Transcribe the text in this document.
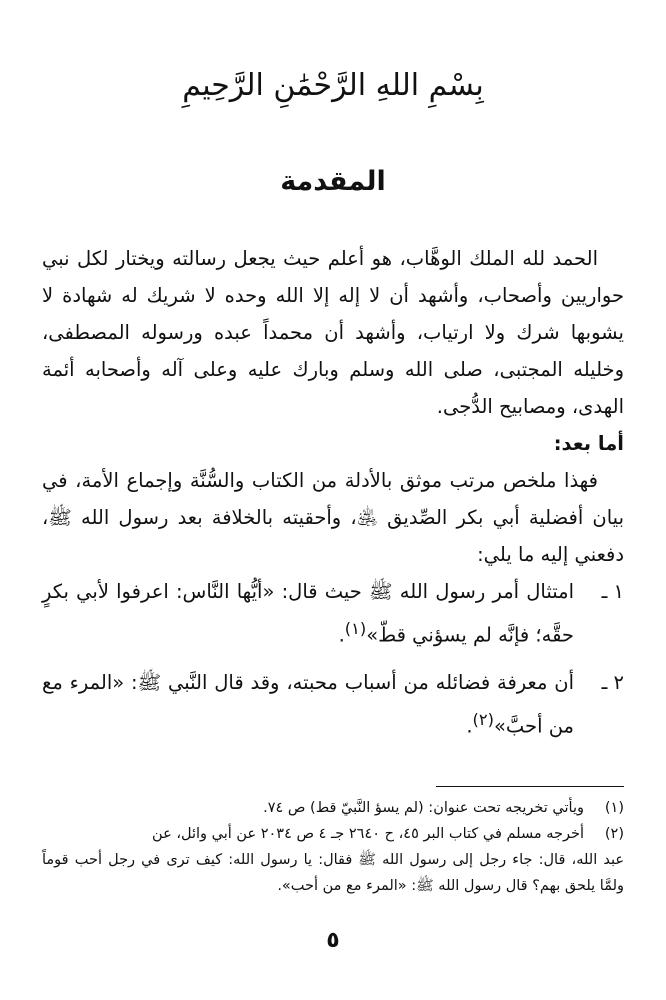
بِسْمِ اللهِ الرَّحْمَٰنِ الرَّحِيمِ
المقدمة

الحمد لله الملك الوهَّاب، هو أعلم حيث يجعل رسالته ويختار لكل نبي حواريين وأصحاب، وأشهد أن لا إله إلا الله وحده لا شريك له شهادة لا يشوبها شرك ولا ارتياب، وأشهد أن محمداً عبده ورسوله المصطفى، وخليله المجتبى، صلى الله وسلم وبارك عليه وعلى آله وأصحابه أئمة الهدى، ومصابيح الدُّجى.

أما بعد:

فهذا ملخص مرتب موثق بالأدلة من الكتاب والسُّنَّة وإجماع الأمة، في بيان أفضلية أبي بكر الصِّديق ﵁، وأحقيته بالخلافة بعد رسول الله ﷺ، دفعني إليه ما يلي:

١ ـ
امتثال أمر رسول الله ﷺ حيث قال: «أيُّها النَّاس: اعرفوا لأبي بكرٍ حقَّه؛ فإنَّه لم يسؤني قطّ»$^{(١)}$.
٢ ـ
أن معرفة فضائله من أسباب محبته، وقد قال النَّبي ﷺ: «المرء مع من أحبَّ»$^{(٢)}$.
(١)
ويأتي تخريجه تحت عنوان: (لم يسؤ النَّبيّ قط) ص ٧٤.
(٢)
أخرجه مسلم في كتاب البر ٤٥، ح ٢٦٤٠ جـ ٤ ص ٢٠٣٤ عن أبي وائل، عن

عبد الله، قال: جاء رجل إلى رسول الله ﷺ فقال: يا رسول الله: كيف ترى في رجل أحب قوماً ولمَّا يلحق بهم؟ قال رسول الله ﷺ: «المرء مع من أحب».

٥
